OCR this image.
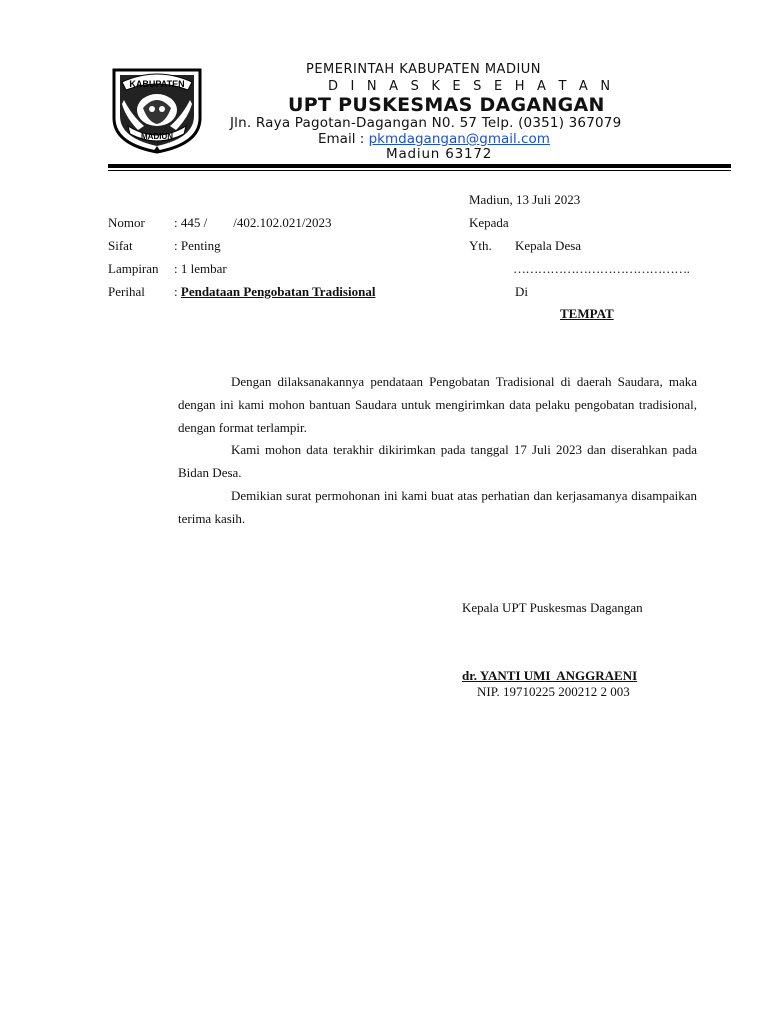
KABUPATEN
MADIUN
PEMERINTAH KABUPATEN MADIUN
D I N A S K E S E H A T A N
UPT PUSKESMAS DAGANGAN
Jln. Raya Pagotan-Dagangan N0. 57 Telp. (0351) 367079
Email : pkmdagangan@gmail.com
Madiun 63172
Madiun, 13 Juli 2023
Nomor : 445 /        /402.102.021/2023
Sifat	: Penting
Lampiran : 1 lembar
Perihal : Pendataan Pengobatan Tradisional
Kepada
Yth. Kepala Desa
…………………………………….
Di
TEMPAT
Dengan dilaksanakannya pendataan Pengobatan Tradisional di daerah Saudara, maka dengan ini kami mohon bantuan Saudara untuk mengirimkan data pelaku pengobatan tradisional, dengan format terlampir.
Kami mohon data terakhir dikirimkan pada tanggal 17 Juli 2023 dan diserahkan pada Bidan Desa.
Demikian surat permohonan ini kami buat atas perhatian dan kerjasamanya disampaikan terima kasih.
Kepala UPT Puskesmas Dagangan
dr. YANTI UMI  ANGGRAENI
NIP. 19710225 200212 2 003
